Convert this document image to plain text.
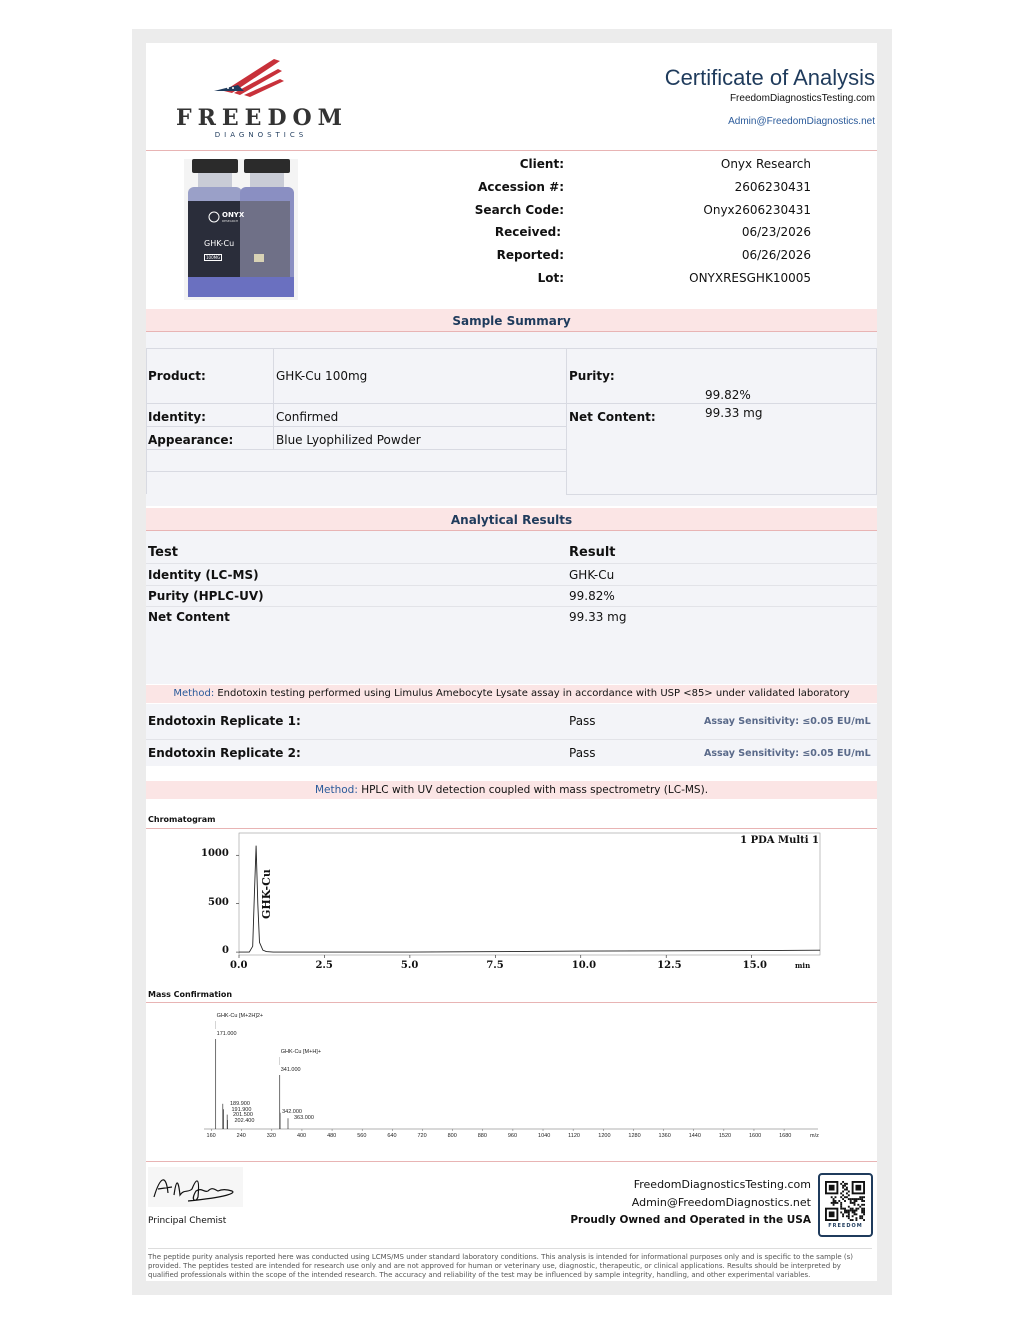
FREEDOM
DIAGNOSTICS
Certificate of Analysis
FreedomDiagnosticsTesting.com
Admin@FreedomDiagnostics.net
ONYX
RESEARCH
GHK-Cu
100MG
Client:	Onyx Research
Accession #:	2606230431
Search Code:	Onyx2606230431
Received:	06/23/2026
Reported:	06/26/2026
Lot:	ONYXRESGHK10005
Sample Summary
Product:	GHK-Cu 100mg
Identity:	Confirmed
Appearance:	Blue Lyophilized Powder
Purity:
99.82%
Net Content:	99.33 mg
Analytical Results
Test	Result
Identity (LC-MS)	GHK-Cu
Purity (HPLC-UV)	99.82%
Net Content	99.33 mg
Method: Endotoxin testing performed using Limulus Amebocyte Lysate assay in accordance with USP <85> under validated laboratory
Endotoxin Replicate 1:	Pass	Assay Sensitivity: ≤0.05 EU/mL
Endotoxin Replicate 2:	Pass	Assay Sensitivity: ≤0.05 EU/mL
Method: HPLC with UV detection coupled with mass spectrometry (LC-MS).
Chromatogram
1 PDA Multi 1
GHK-Cu
0.0	2.5	5.0	7.5	10.0	12.5	15.0
0
500
1000
min
Mass Confirmation
160	240	320	400	480	560	640	720	800	880	960	1040	1120	1200	1280	1360	1440	1520	1600	1680	m/z
171.000
GHK-Cu [M+2H]2+
189.900
191.900
201.500
202.400
341.000
GHK-Cu [M+H]+
342.000
363.000
Principal Chemist
FreedomDiagnosticsTesting.com
Admin@FreedomDiagnostics.net
Proudly Owned and Operated in the USA	FREEDOM
The peptide purity analysis reported here was conducted using LCMS/MS under standard laboratory conditions. This analysis is intended for informational purposes only and is specific to the sample (s) provided. The peptides tested are intended for research use only and are not approved for human or veterinary use, diagnostic, therapeutic, or clinical applications. Results should be interpreted by qualified professionals within the scope of the intended research. The accuracy and reliability of the test may be influenced by sample integrity, handling, and other experimental variables.
